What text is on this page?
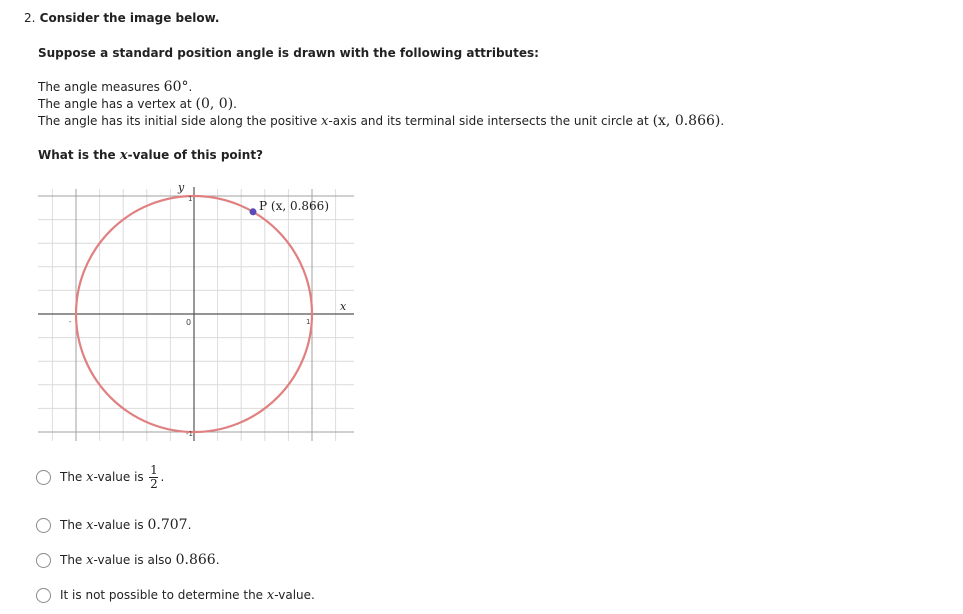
2. Consider the image below.
Suppose a standard position angle is drawn with the following attributes:
The angle measures 60°.
The angle has a vertex at (0, 0).
The angle has its initial side along the positive x-axis and its terminal side intersects the unit circle at (x, 0.866).
What is the x-value of this point?
P (x, 0.866)
x
y
0
-	1
1
-1
The x-value is $\frac{1}{2}$ .
The x-value is 0.707.
The x-value is also 0.866.
It is not possible to determine the x-value.
